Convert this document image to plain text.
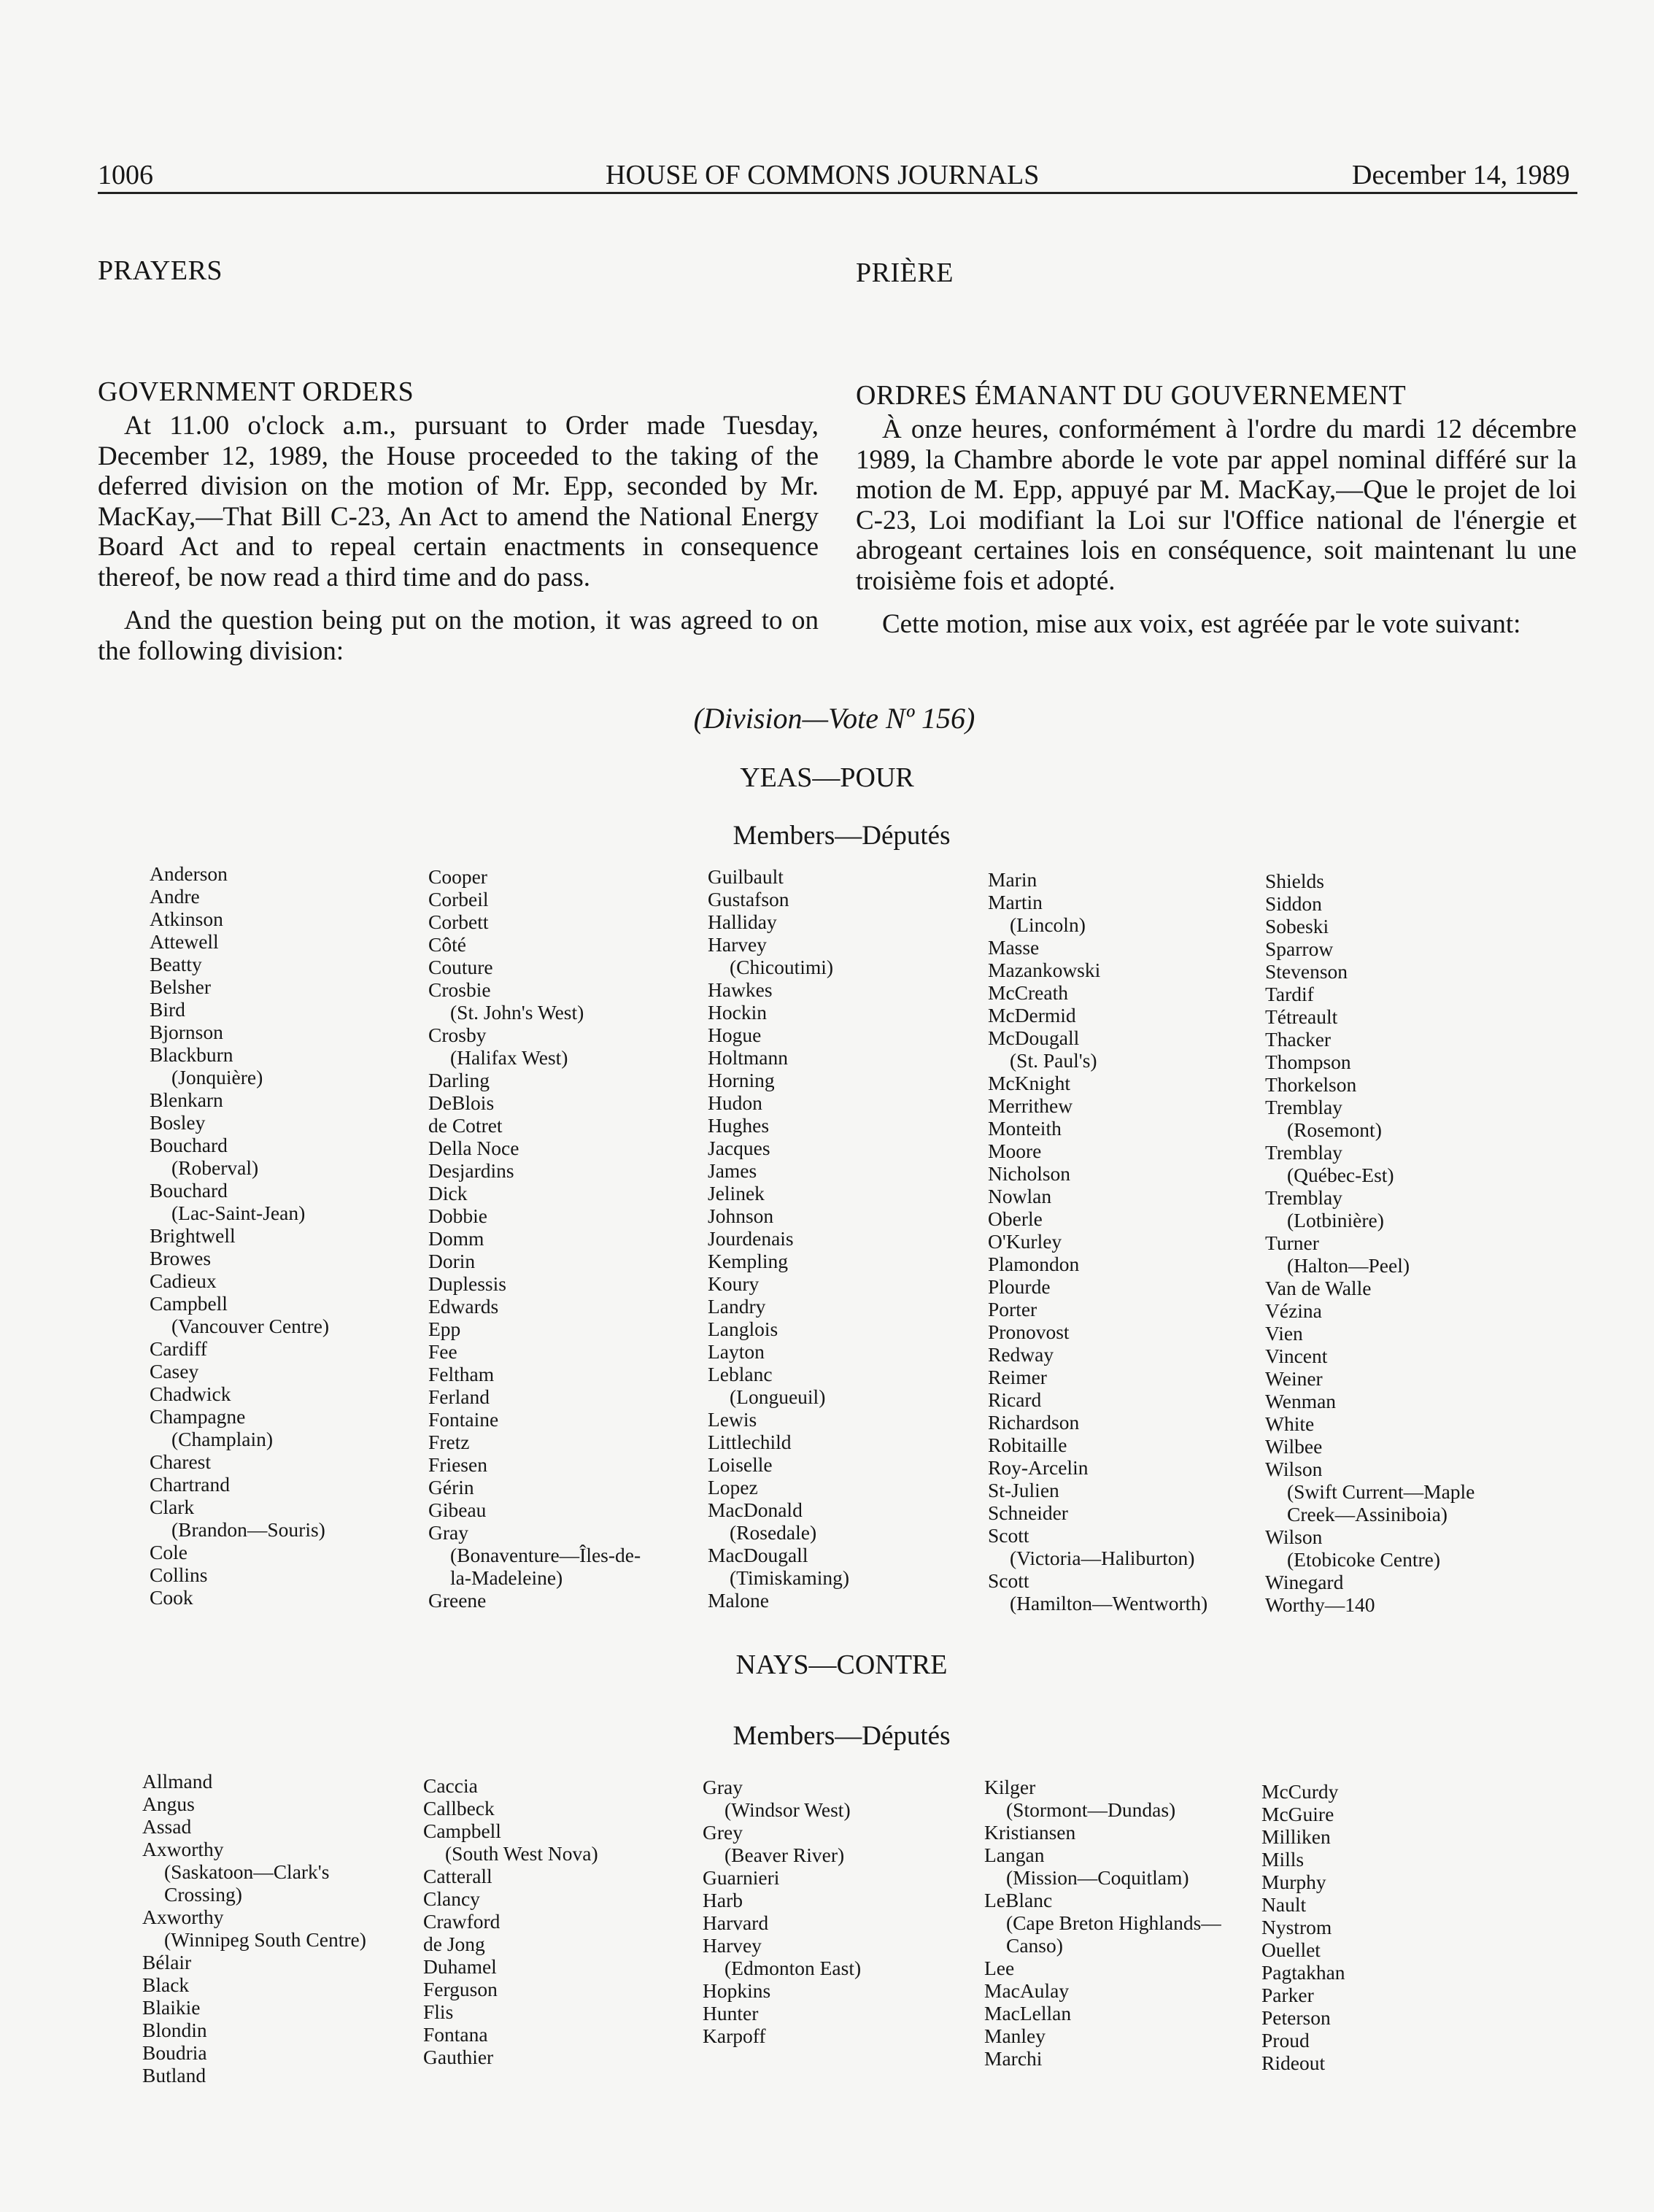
1006	HOUSE OF COMMONS JOURNALS	December 14, 1989
PRAYERS	PRIÈRE
GOVERNMENT ORDERS	ORDRES ÉMANANT DU GOUVERNEMENT
At 11.00 o'clock a.m., pursuant to Order made Tuesday, December 12, 1989, the House proceeded to the taking of the deferred division on the motion of Mr. Epp, seconded by Mr. MacKay,—That Bill C-23, An Act to amend the National Energy Board Act and to repeal certain enactments in consequence thereof, be now read a third time and do pass.
And the question being put on the motion, it was agreed to on the following division:
À onze heures, conformément à l'ordre du mardi 12 décembre 1989, la Chambre aborde le vote par appel nominal différé sur la motion de M. Epp, appuyé par M. MacKay,—Que le projet de loi C-23, Loi modifiant la Loi sur l'Office national de l'énergie et abrogeant certaines lois en conséquence, soit maintenant lu une troisième fois et adopté.
Cette motion, mise aux voix, est agréée par le vote suivant:
(Division—Vote Nº 156)
YEAS—POUR
Members—Députés
Anderson
Andre
Atkinson
Attewell
Beatty
Belsher
Bird
Bjornson
Blackburn
(Jonquière)
Blenkarn
Bosley
Bouchard
(Roberval)
Bouchard
(Lac-Saint-Jean)
Brightwell
Browes
Cadieux
Campbell
(Vancouver Centre)
Cardiff
Casey
Chadwick
Champagne
(Champlain)
Charest
Chartrand
Clark
(Brandon—Souris)
Cole
Collins
Cook
Cooper
Corbeil
Corbett
Côté
Couture
Crosbie
(St. John's West)
Crosby
(Halifax West)
Darling
DeBlois
de Cotret
Della Noce
Desjardins
Dick
Dobbie
Domm
Dorin
Duplessis
Edwards
Epp
Fee
Feltham
Ferland
Fontaine
Fretz
Friesen
Gérin
Gibeau
Gray
(Bonaventure—Îles-de-
la-Madeleine)
Greene
Guilbault
Gustafson
Halliday
Harvey
(Chicoutimi)
Hawkes
Hockin
Hogue
Holtmann
Horning
Hudon
Hughes
Jacques
James
Jelinek
Johnson
Jourdenais
Kempling
Koury
Landry
Langlois
Layton
Leblanc
(Longueuil)
Lewis
Littlechild
Loiselle
Lopez
MacDonald
(Rosedale)
MacDougall
(Timiskaming)
Malone
Marin
Martin
(Lincoln)
Masse
Mazankowski
McCreath
McDermid
McDougall
(St. Paul's)
McKnight
Merrithew
Monteith
Moore
Nicholson
Nowlan
Oberle
O'Kurley
Plamondon
Plourde
Porter
Pronovost
Redway
Reimer
Ricard
Richardson
Robitaille
Roy-Arcelin
St-Julien
Schneider
Scott
(Victoria—Haliburton)
Scott
(Hamilton—Wentworth)
Shields
Siddon
Sobeski
Sparrow
Stevenson
Tardif
Tétreault
Thacker
Thompson
Thorkelson
Tremblay
(Rosemont)
Tremblay
(Québec-Est)
Tremblay
(Lotbinière)
Turner
(Halton—Peel)
Van de Walle
Vézina
Vien
Vincent
Weiner
Wenman
White
Wilbee
Wilson
(Swift Current—Maple
Creek—Assiniboia)
Wilson
(Etobicoke Centre)
Winegard
Worthy—140
NAYS—CONTRE
Members—Députés
Allmand
Angus
Assad
Axworthy
(Saskatoon—Clark's
Crossing)
Axworthy
(Winnipeg South Centre)
Bélair
Black
Blaikie
Blondin
Boudria
Butland
Caccia
Callbeck
Campbell
(South West Nova)
Catterall
Clancy
Crawford
de Jong
Duhamel
Ferguson
Flis
Fontana
Gauthier
Gray
(Windsor West)
Grey
(Beaver River)
Guarnieri
Harb
Harvard
Harvey
(Edmonton East)
Hopkins
Hunter
Karpoff
Kilger
(Stormont—Dundas)
Kristiansen
Langan
(Mission—Coquitlam)
LeBlanc
(Cape Breton Highlands—
Canso)
Lee
MacAulay
MacLellan
Manley
Marchi
McCurdy
McGuire
Milliken
Mills
Murphy
Nault
Nystrom
Ouellet
Pagtakhan
Parker
Peterson
Proud
Rideout
